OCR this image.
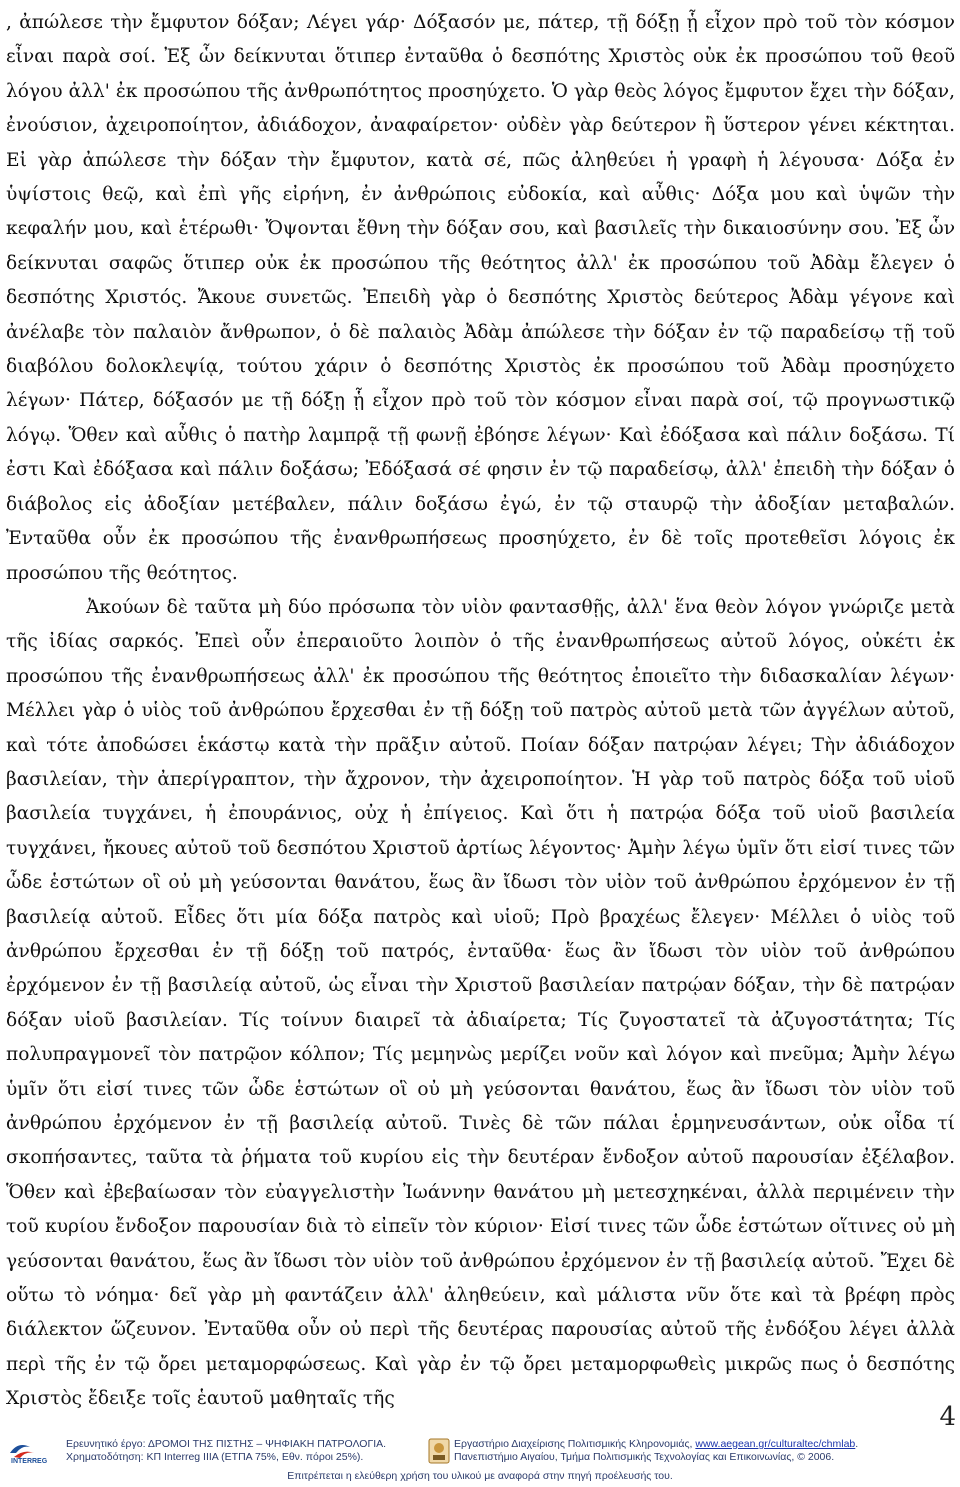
, ἀπώλεσε τὴν ἔμφυτον δόξαν; Λέγει γάρ· Δόξασόν με, πάτερ, τῇ δόξῃ ᾗ εἶχον πρὸ τοῦ τὸν κόσμον εἶναι παρὰ σοί. Ἐξ ὧν δείκνυται ὅτιπερ ἐνταῦθα ὁ δεσπότης Χριστὸς οὐκ ἐκ προσώπου τοῦ θεοῦ λόγου ἀλλ' ἐκ προσώπου τῆς ἀνθρωπότητος προσηύχετο. Ὁ γὰρ θεὸς λόγος ἔμφυτον ἔχει τὴν δόξαν, ἐνούσιον, ἀχειροποίητον, ἀδιάδοχον, ἀναφαίρετον· οὐδὲν γὰρ δεύτερον ἢ ὕστερον γένει κέκτηται. Εἰ γὰρ ἀπώλεσε τὴν δόξαν τὴν ἔμφυτον, κατὰ σέ, πῶς ἀληθεύει ἡ γραφὴ ἡ λέγουσα· Δόξα ἐν ὑψίστοις θεῷ, καὶ ἐπὶ γῆς εἰρήνη, ἐν ἀνθρώποις εὐδοκία, καὶ αὖθις· Δόξα μου καὶ ὑψῶν τὴν κεφαλήν μου, καὶ ἑτέρωθι· Ὄψονται ἔθνη τὴν δόξαν σου, καὶ βασιλεῖς τὴν δικαιοσύνην σου. Ἐξ ὧν δείκνυται σαφῶς ὅτιπερ οὐκ ἐκ προσώπου τῆς θεότητος ἀλλ' ἐκ προσώπου τοῦ Ἀδὰμ ἔλεγεν ὁ δεσπότης Χριστός. Ἄκουε συνετῶς. Ἐπειδὴ γὰρ ὁ δεσπότης Χριστὸς δεύτερος Ἀδὰμ γέγονε καὶ ἀνέλαβε τὸν παλαιὸν ἄνθρωπον, ὁ δὲ παλαιὸς Ἀδὰμ ἀπώλεσε τὴν δόξαν ἐν τῷ παραδείσῳ τῇ τοῦ διαβόλου δολοκλεψίᾳ, τούτου χάριν ὁ δεσπότης Χριστὸς ἐκ προσώπου τοῦ Ἀδὰμ προσηύχετο λέγων· Πάτερ, δόξασόν με τῇ δόξῃ ᾗ εἶχον πρὸ τοῦ τὸν κόσμον εἶναι παρὰ σοί, τῷ προγνωστικῷ λόγῳ. Ὅθεν καὶ αὖθις ὁ πατὴρ λαμπρᾷ τῇ φωνῇ ἐβόησε λέγων· Καὶ ἐδόξασα καὶ πάλιν δοξάσω. Τί ἐστι Καὶ ἐδόξασα καὶ πάλιν δοξάσω; Ἐδόξασά σέ φησιν ἐν τῷ παραδείσῳ, ἀλλ' ἐπειδὴ τὴν δόξαν ὁ διάβολος εἰς ἀδοξίαν μετέβαλεν, πάλιν δοξάσω ἐγώ, ἐν τῷ σταυρῷ τὴν ἀδοξίαν μεταβαλών. Ἐνταῦθα οὖν ἐκ προσώπου τῆς ἐνανθρωπήσεως προσηύχετο, ἐν δὲ τοῖς προτεθεῖσι λόγοις ἐκ προσώπου τῆς θεότητος.

Ἀκούων δὲ ταῦτα μὴ δύο πρόσωπα τὸν υἱὸν φαντασθῇς, ἀλλ' ἕνα θεὸν λόγον γνώριζε μετὰ τῆς ἰδίας σαρκός. Ἐπεὶ οὖν ἐπεραιοῦτο λοιπὸν ὁ τῆς ἐνανθρωπήσεως αὐτοῦ λόγος, οὐκέτι ἐκ προσώπου τῆς ἐνανθρωπήσεως ἀλλ' ἐκ προσώπου τῆς θεότητος ἐποιεῖτο τὴν διδασκαλίαν λέγων· Μέλλει γὰρ ὁ υἱὸς τοῦ ἀνθρώπου ἔρχεσθαι ἐν τῇ δόξῃ τοῦ πατρὸς αὐτοῦ μετὰ τῶν ἀγγέλων αὐτοῦ, καὶ τότε ἀποδώσει ἑκάστῳ κατὰ τὴν πρᾶξιν αὐτοῦ. Ποίαν δόξαν πατρῴαν λέγει; Τὴν ἀδιάδοχον βασιλείαν, τὴν ἀπερίγραπτον, τὴν ἄχρονον, τὴν ἀχειροποίητον. Ἡ γὰρ τοῦ πατρὸς δόξα τοῦ υἱοῦ βασιλεία τυγχάνει, ἡ ἐπουράνιος, οὐχ ἡ ἐπίγειος. Καὶ ὅτι ἡ πατρῴα δόξα τοῦ υἱοῦ βασιλεία τυγχάνει, ἤκουες αὐτοῦ τοῦ δεσπότου Χριστοῦ ἀρτίως λέγοντος· Ἀμὴν λέγω ὑμῖν ὅτι εἰσί τινες τῶν ὧδε ἑστώτων οἳ οὐ μὴ γεύσονται θανάτου, ἕως ἂν ἴδωσι τὸν υἱὸν τοῦ ἀνθρώπου ἐρχόμενον ἐν τῇ βασιλείᾳ αὐτοῦ. Εἶδες ὅτι μία δόξα πατρὸς καὶ υἱοῦ; Πρὸ βραχέως ἔλεγεν· Μέλλει ὁ υἱὸς τοῦ ἀνθρώπου ἔρχεσθαι ἐν τῇ δόξῃ τοῦ πατρός, ἐνταῦθα· ἕως ἂν ἴδωσι τὸν υἱὸν τοῦ ἀνθρώπου ἐρχόμενον ἐν τῇ βασιλείᾳ αὐτοῦ, ὡς εἶναι τὴν Χριστοῦ βασιλείαν πατρῴαν δόξαν, τὴν δὲ πατρῴαν δόξαν υἱοῦ βασιλείαν. Τίς τοίνυν διαιρεῖ τὰ ἀδιαίρετα; Τίς ζυγοστατεῖ τὰ ἀζυγοστάτητα; Τίς πολυπραγμονεῖ τὸν πατρῷον κόλπον; Τίς μεμηνὼς μερίζει νοῦν καὶ λόγον καὶ πνεῦμα; Ἀμὴν λέγω ὑμῖν ὅτι εἰσί τινες τῶν ὧδε ἑστώτων οἳ οὐ μὴ γεύσονται θανάτου, ἕως ἂν ἴδωσι τὸν υἱὸν τοῦ ἀνθρώπου ἐρχόμενον ἐν τῇ βασιλείᾳ αὐτοῦ. Τινὲς δὲ τῶν πάλαι ἑρμηνευσάντων, οὐκ οἶδα τί σκοπήσαντες, ταῦτα τὰ ῥήματα τοῦ κυρίου εἰς τὴν δευτέραν ἔνδοξον αὐτοῦ παρουσίαν ἐξέλαβον. Ὅθεν καὶ ἐβεβαίωσαν τὸν εὐαγγελιστὴν Ἰωάννην θανάτου μὴ μετεσχηκέναι, ἀλλὰ περιμένειν τὴν τοῦ κυρίου ἔνδοξον παρουσίαν διὰ τὸ εἰπεῖν τὸν κύριον· Εἰσί τινες τῶν ὧδε ἑστώτων οἵτινες οὐ μὴ γεύσονται θανάτου, ἕως ἂν ἴδωσι τὸν υἱὸν τοῦ ἀνθρώπου ἐρχόμενον ἐν τῇ βασιλείᾳ αὐτοῦ. Ἔχει δὲ οὕτω τὸ νόημα· δεῖ γὰρ μὴ φαντάζειν ἀλλ' ἀληθεύειν, καὶ μάλιστα νῦν ὅτε καὶ τὰ βρέφη πρὸς διάλεκτον ὥζευνον. Ἐνταῦθα οὖν οὐ περὶ τῆς δευτέρας παρουσίας αὐτοῦ τῆς ἐνδόξου λέγει ἀλλὰ περὶ τῆς ἐν τῷ ὄρει μεταμορφώσεως. Καὶ γὰρ ἐν τῷ ὄρει μεταμορφωθεὶς μικρῶς πως ὁ δεσπότης Χριστὸς ἔδειξε τοῖς ἑαυτοῦ μαθηταῖς τῆς

4
INTERREG
Ερευνητικό έργο: ΔΡΟΜΟΙ ΤΗΣ ΠΙΣΤΗΣ – ΨΗΦΙΑΚΗ ΠΑΤΡΟΛΟΓΙΑ.
Χρηματοδότηση: ΚΠ Interreg IIIA (ΕΤΠΑ 75%, Εθν. πόροι 25%).
Εργαστήριο Διαχείρισης Πολιτισμικής Κληρονομιάς, www.aegean.gr/culturaltec/chmlab.
Πανεπιστήμιο Αιγαίου, Τμήμα Πολιτισμικής Τεχνολογίας και Επικοινωνίας, © 2006.
Επιτρέπεται η ελεύθερη χρήση του υλικού με αναφορά στην πηγή προέλευσής του.
